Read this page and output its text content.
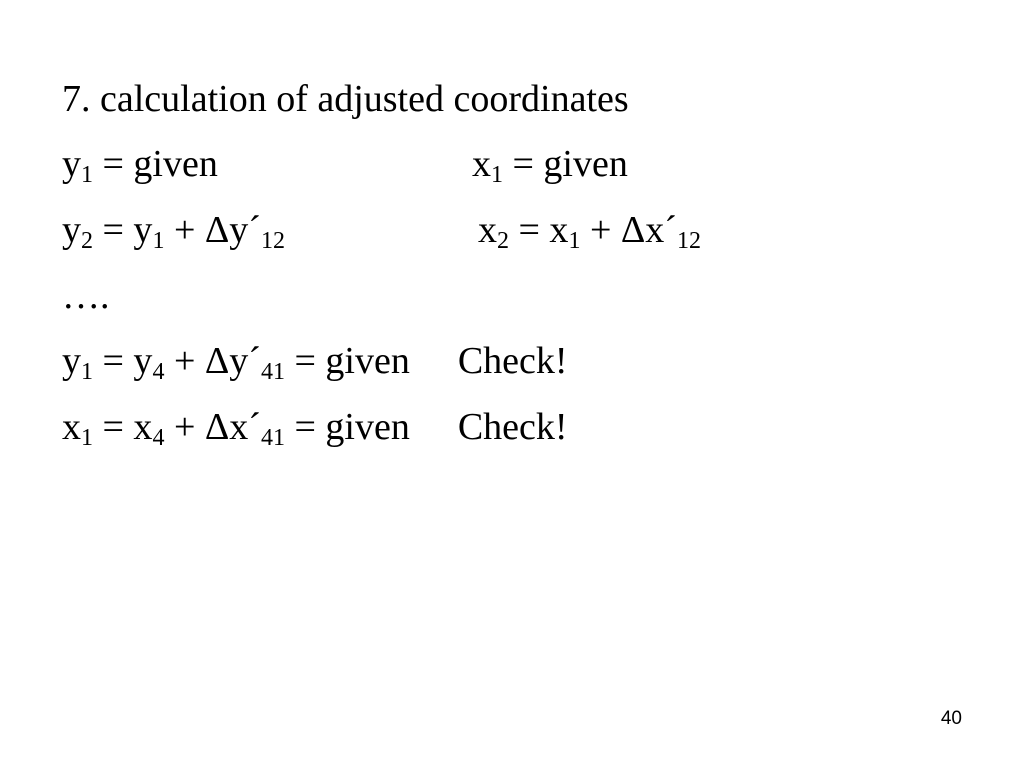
7. calculation of adjusted coordinates
$y_1$ = given	$x_1$ = given
$y_2 = y_1$ + $\Delta y´_{12}$	$x_2 = x_1$ + $\Delta x´_{12}$
….
$y_1 = y_4$ + $\Delta y´_{41}$ = given Check!
$x_1 = x_4$ + $\Delta x´_{41}$ = given Check!
40
